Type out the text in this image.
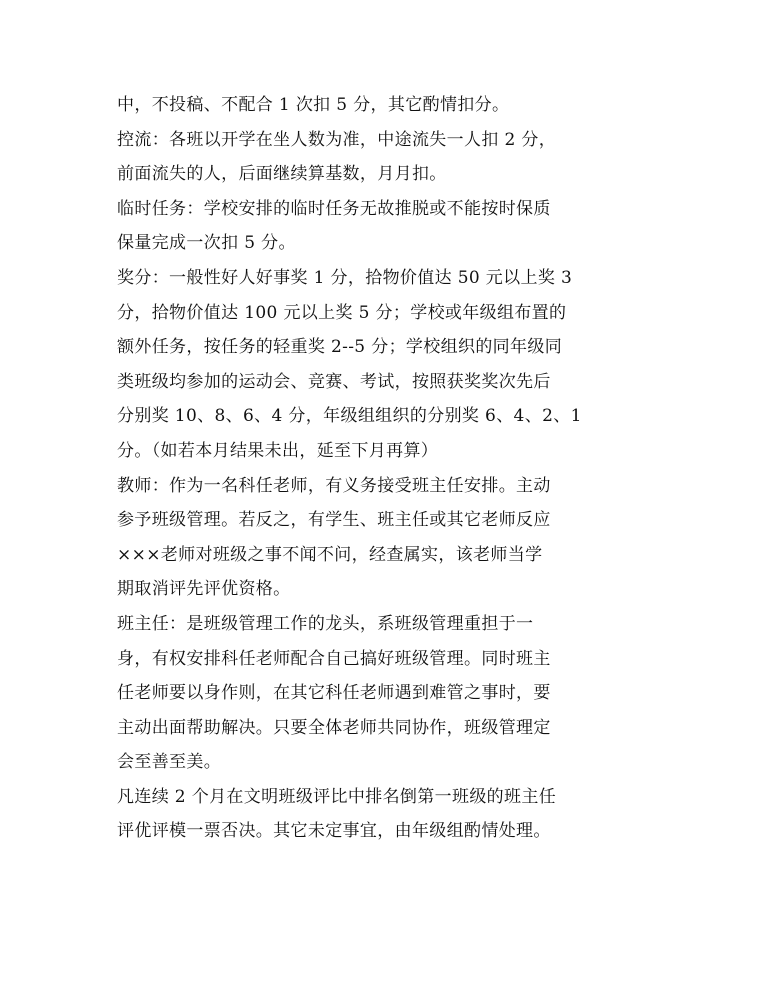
中，不投稿、不配合 1 次扣 5 分，其它酌情扣分。
控流：各班以开学在坐人数为准，中途流失一人扣 2 分，
前面流失的人，后面继续算基数，月月扣。
临时任务：学校安排的临时任务无故推脱或不能按时保质
保量完成一次扣 5 分。
奖分：一般性好人好事奖 1 分，拾物价值达 50 元以上奖 3
分，拾物价值达 100 元以上奖 5 分；学校或年级组布置的
额外任务，按任务的轻重奖 2--5 分；学校组织的同年级同
类班级均参加的运动会、竞赛、考试，按照获奖奖次先后
分别奖 10、8、6、4 分，年级组组织的分别奖 6、4、2、1
分。（如若本月结果未出，延至下月再算）
教师：作为一名科任老师，有义务接受班主任安排。主动
参予班级管理。若反之，有学生、班主任或其它老师反应
×××老师对班级之事不闻不问，经查属实，该老师当学
期取消评先评优资格。
班主任：是班级管理工作的龙头，系班级管理重担于一
身，有权安排科任老师配合自己搞好班级管理。同时班主
任老师要以身作则，在其它科任老师遇到难管之事时，要
主动出面帮助解决。只要全体老师共同协作，班级管理定
会至善至美。
凡连续 2 个月在文明班级评比中排名倒第一班级的班主任
评优评模一票否决。其它未定事宜，由年级组酌情处理。
